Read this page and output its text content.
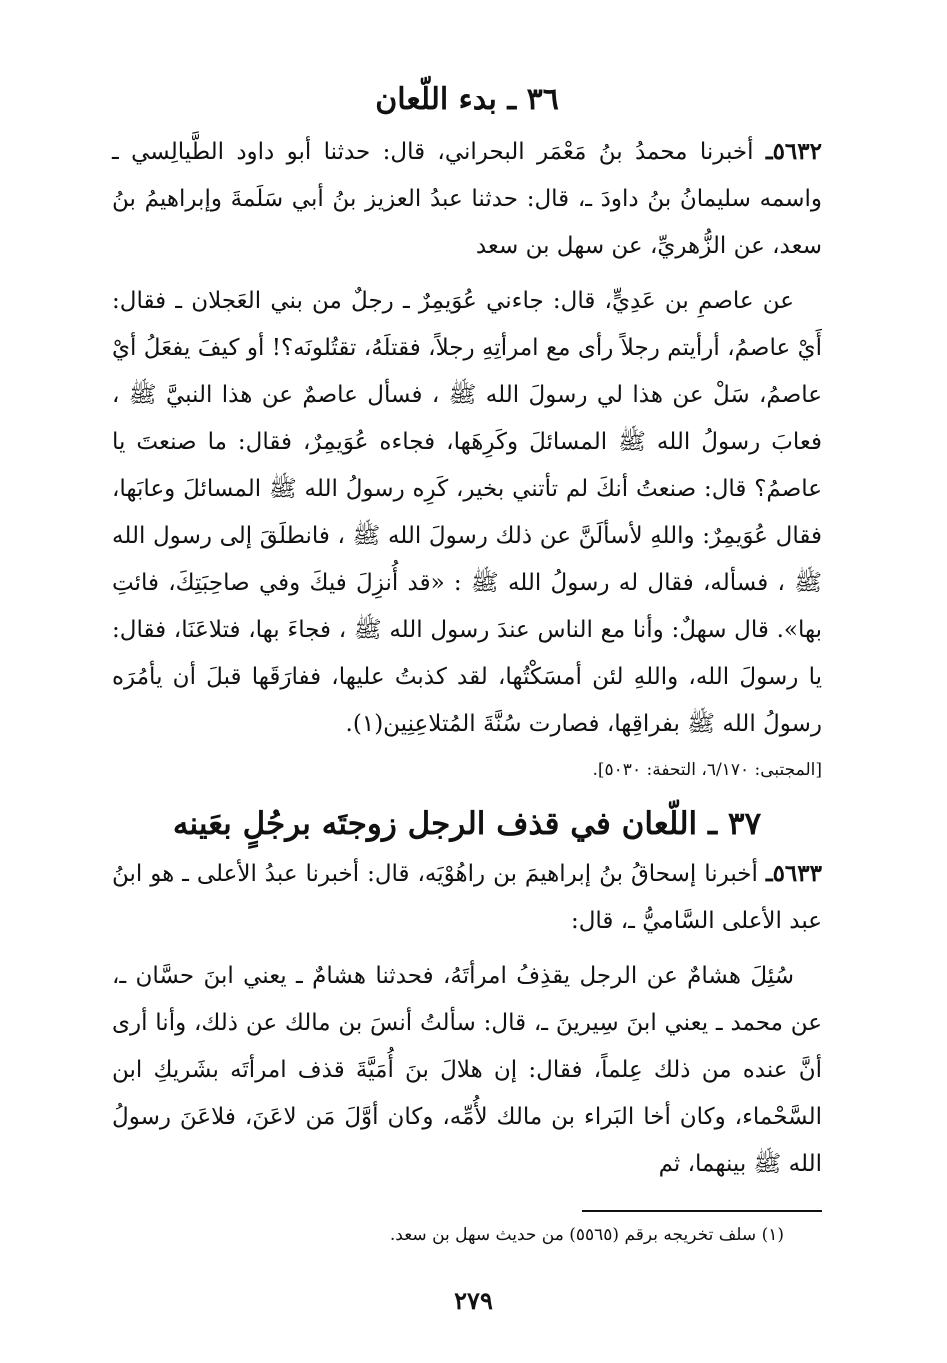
٣٦ ـ بدء اللّعان

٥٦٣٢ـ أخبرنا محمدُ بنُ مَعْمَر البحراني، قال: حدثنا أبو داود الطَّيالِسي ـ واسمه سليمانُ بنُ داودَ ـ، قال: حدثنا عبدُ العزيز بنُ أبي سَلَمةَ وإبراهيمُ بنُ سعد، عن الزُّهريِّ، عن سهل بن سعد

عن عاصمِ بن عَدِيٍّ، قال: جاءني عُوَيمِرٌ ـ رجلٌ من بني العَجلان ـ فقال: أَيْ عاصمُ، أرأيتم رجلاً رأى مع امرأتِهِ رجلاً، فقتلَهُ، تقتُلونَه؟! أو كيفَ يفعَلُ أيْ عاصمُ، سَلْ عن هذا لي رسولَ الله ﷺ ، فسأل عاصمٌ عن هذا النبيَّ ﷺ ، فعابَ رسولُ الله ﷺ المسائلَ وكَرِهَها، فجاءه عُوَيمِرٌ، فقال: ما صنعتَ يا عاصمُ؟ قال: صنعتُ أنكَ لم تأتني بخير، كَرِه رسولُ الله ﷺ المسائلَ وعابَها، فقال عُوَيمِرٌ: واللهِ لأسألَنَّ عن ذلك رسولَ الله ﷺ ، فانطلَقَ إلى رسول الله ﷺ ، فسأله، فقال له رسولُ الله ﷺ : «قد أُنزِلَ فيكَ وفي صاحِبَتِكَ، فائتِ بها». قال سهلٌ: وأنا مع الناس عندَ رسول الله ﷺ ، فجاءَ بها، فتلاعَنَا، فقال: يا رسولَ الله، واللهِ لئن أمسَكْتُها، لقد كذبتُ عليها، ففارَقَها قبلَ أن يأمُرَه رسولُ الله ﷺ بفراقِها، فصارت سُنَّةَ المُتلاعِنِين(١).

[المجتبى: ٦/١٧٠، التحفة: ٥٠٣٠].

٣٧ ـ اللّعان في قذف الرجل زوجتَه برجُلٍ بعَينه

٥٦٣٣ـ أخبرنا إسحاقُ بنُ إبراهيمَ بن راهُوْيَه، قال: أخبرنا عبدُ الأعلى ـ هو ابنُ عبد الأعلى السَّاميُّ ـ، قال:

سُئِلَ هشامٌ عن الرجل يقذِفُ امرأتَهُ، فحدثنا هشامٌ ـ يعني ابنَ حسَّان ـ، عن محمد ـ يعني ابنَ سِيرينَ ـ، قال: سألتُ أنسَ بن مالك عن ذلك، وأنا أرى أنَّ عنده من ذلك عِلماً، فقال: إن هلالَ بنَ أُمَيَّةَ قذف امرأتَه بشَريكِ ابن السَّحْماء، وكان أخا البَراء بن مالك لأُمِّه، وكان أوَّلَ مَن لاعَنَ، فلاعَنَ رسولُ الله ﷺ بينهما، ثم

(١) سلف تخريجه برقم (٥٥٦٥) من حديث سهل بن سعد.
٢٧٩
